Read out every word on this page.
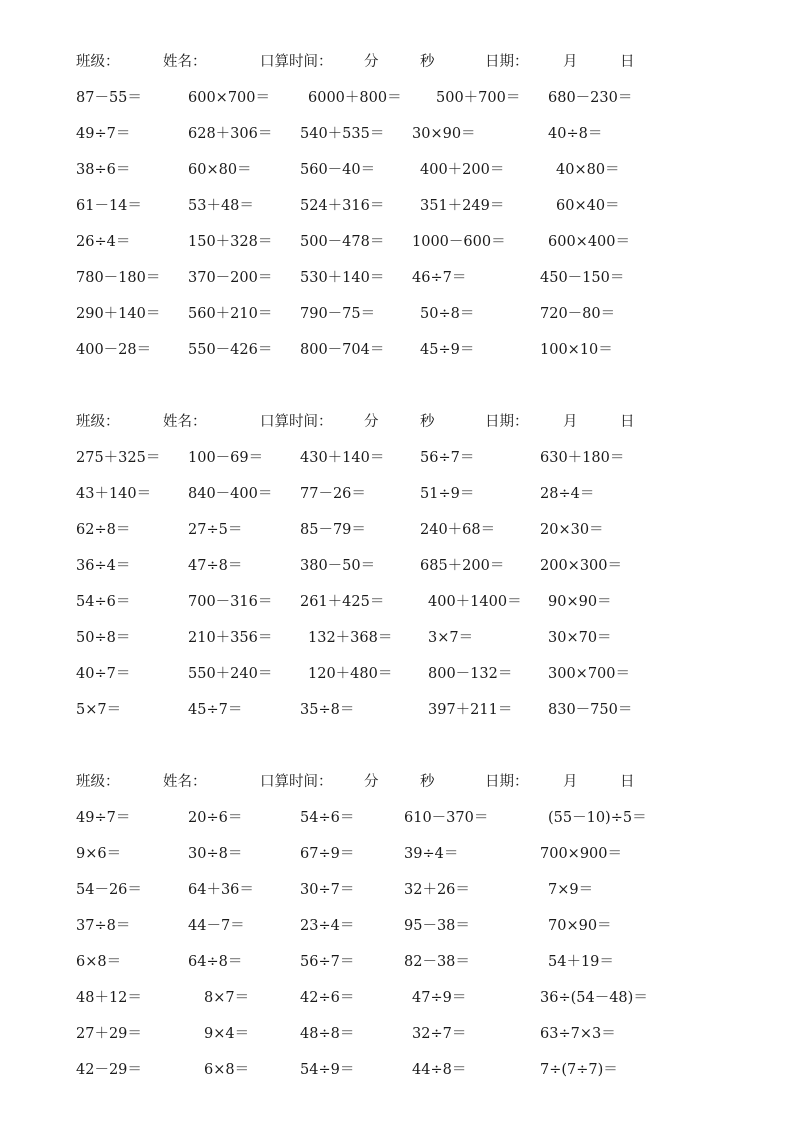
班级：	姓名：	口算时间： 分	秒	日期： 月	日
87－55＝	600×700＝	6000＋800＝ 500＋700＝ 680－230＝
49÷7＝	628＋306＝ 540＋535＝ 30×90＝	40÷8＝
38÷6＝	60×80＝	560－40＝	400＋200＝	40×80＝
61－14＝	53＋48＝	524＋316＝ 351＋249＝	60×40＝
26÷4＝	150＋328＝ 500－478＝ 1000－600＝	600×400＝
780－180＝ 370－200＝ 530＋140＝ 46÷7＝	450－150＝
290＋140＝ 560＋210＝ 790－75＝	50÷8＝	720－80＝
400－28＝	550－426＝ 800－704＝ 45÷9＝	100×10＝
班级：	姓名：	口算时间： 分	秒	日期： 月	日
275＋325＝ 100－69＝	430＋140＝ 56÷7＝	630＋180＝
43＋140＝	840－400＝ 77－26＝	51÷9＝	28÷4＝
62÷8＝	27÷5＝	85－79＝	240＋68＝	20×30＝
36÷4＝	47÷8＝	380－50＝	685＋200＝ 200×300＝
54÷6＝	700－316＝ 261＋425＝	400＋1400＝ 90×90＝
50÷8＝	210＋356＝ 132＋368＝ 3×7＝	30×70＝
40÷7＝	550＋240＝ 120＋480＝ 800－132＝ 300×700＝
5×7＝	45÷7＝	35÷8＝	397＋211＝ 830－750＝
班级：	姓名：	口算时间： 分	秒	日期： 月	日
49÷7＝	20÷6＝	54÷6＝	610－370＝	(55－10)÷5＝
9×6＝	30÷8＝	67÷9＝	39÷4＝	700×900＝
54－26＝	64＋36＝	30÷7＝	32＋26＝	7×9＝
37÷8＝	44－7＝	23÷4＝	95－38＝	70×90＝
6×8＝	64÷8＝	56÷7＝	82－38＝	54＋19＝
48＋12＝	8×7＝	42÷6＝	47÷9＝	36÷(54－48)＝
27＋29＝	9×4＝	48÷8＝	32÷7＝	63÷7×3＝
42－29＝	6×8＝	54÷9＝	44÷8＝	7÷(7÷7)＝
